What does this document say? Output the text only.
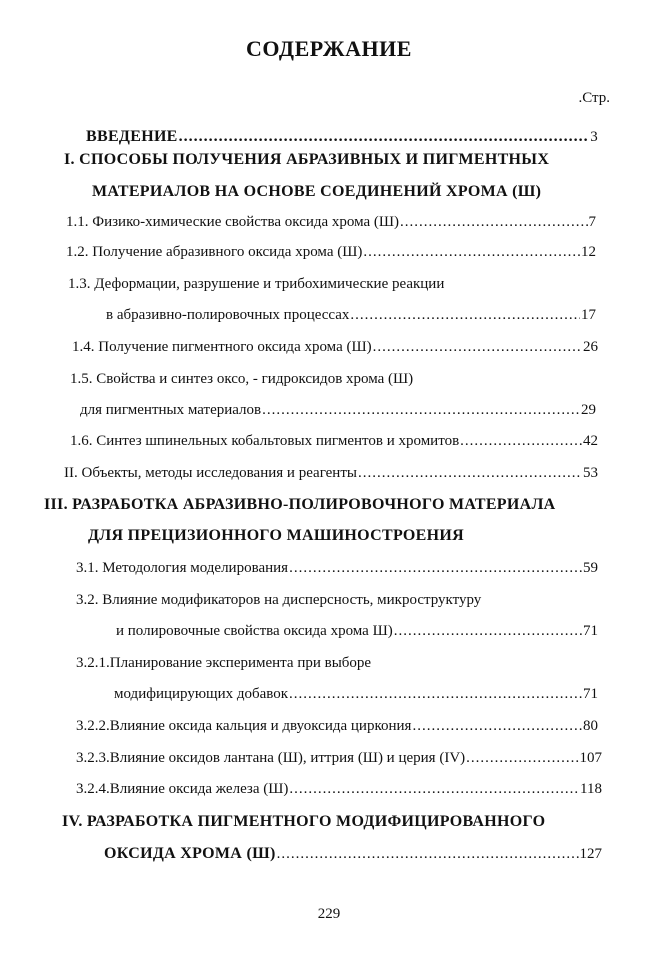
СОДЕРЖАНИЕ
.Стр.
ВВЕДЕНИЕ .....	3
I. СПОСОБЫ ПОЛУЧЕНИЯ АБРАЗИВНЫХ И ПИГМЕНТНЫХ
МАТЕРИАЛОВ НА ОСНОВЕ СОЕДИНЕНИЙ ХРОМА (Ш)
1.1. Физико-химические свойства оксида хрома (Ш) .....	7
1.2. Получение абразивного оксида хрома (Ш) .....	12
1.3. Деформации, разрушение и трибохимические реакции
в абразивно-полировочных процессах .....	17
1.4. Получение пигментного оксида хрома (Ш) .....	26
1.5. Свойства и синтез оксо, - гидроксидов хрома (Ш)
для пигментных материалов .....	29
1.6. Синтез шпинельных кобальтовых пигментов и хромитов .....	42
II. Объекты, методы исследования и реагенты .....	53
III. РАЗРАБОТКА АБРАЗИВНО-ПОЛИРОВОЧНОГО МАТЕРИАЛА
ДЛЯ ПРЕЦИЗИОННОГО МАШИНОСТРОЕНИЯ
3.1. Методология моделирования .....	59
3.2. Влияние модификаторов на дисперсность, микроструктуру
и полировочные свойства оксида хрома Ш) .....	71
3.2.1.Планирование эксперимента при выборе
модифицирующих добавок .....	71
3.2.2.Влияние оксида кальция и двуоксида циркония .....	80
3.2.3.Влияние оксидов лантана (Ш), иттрия (Ш) и церия (IV) .....	107
3.2.4.Влияние оксида железа (Ш) .....	118
IV. РАЗРАБОТКА ПИГМЕНТНОГО МОДИФИЦИРОВАННОГО
ОКСИДА ХРОМА (Ш) .....	127
229
